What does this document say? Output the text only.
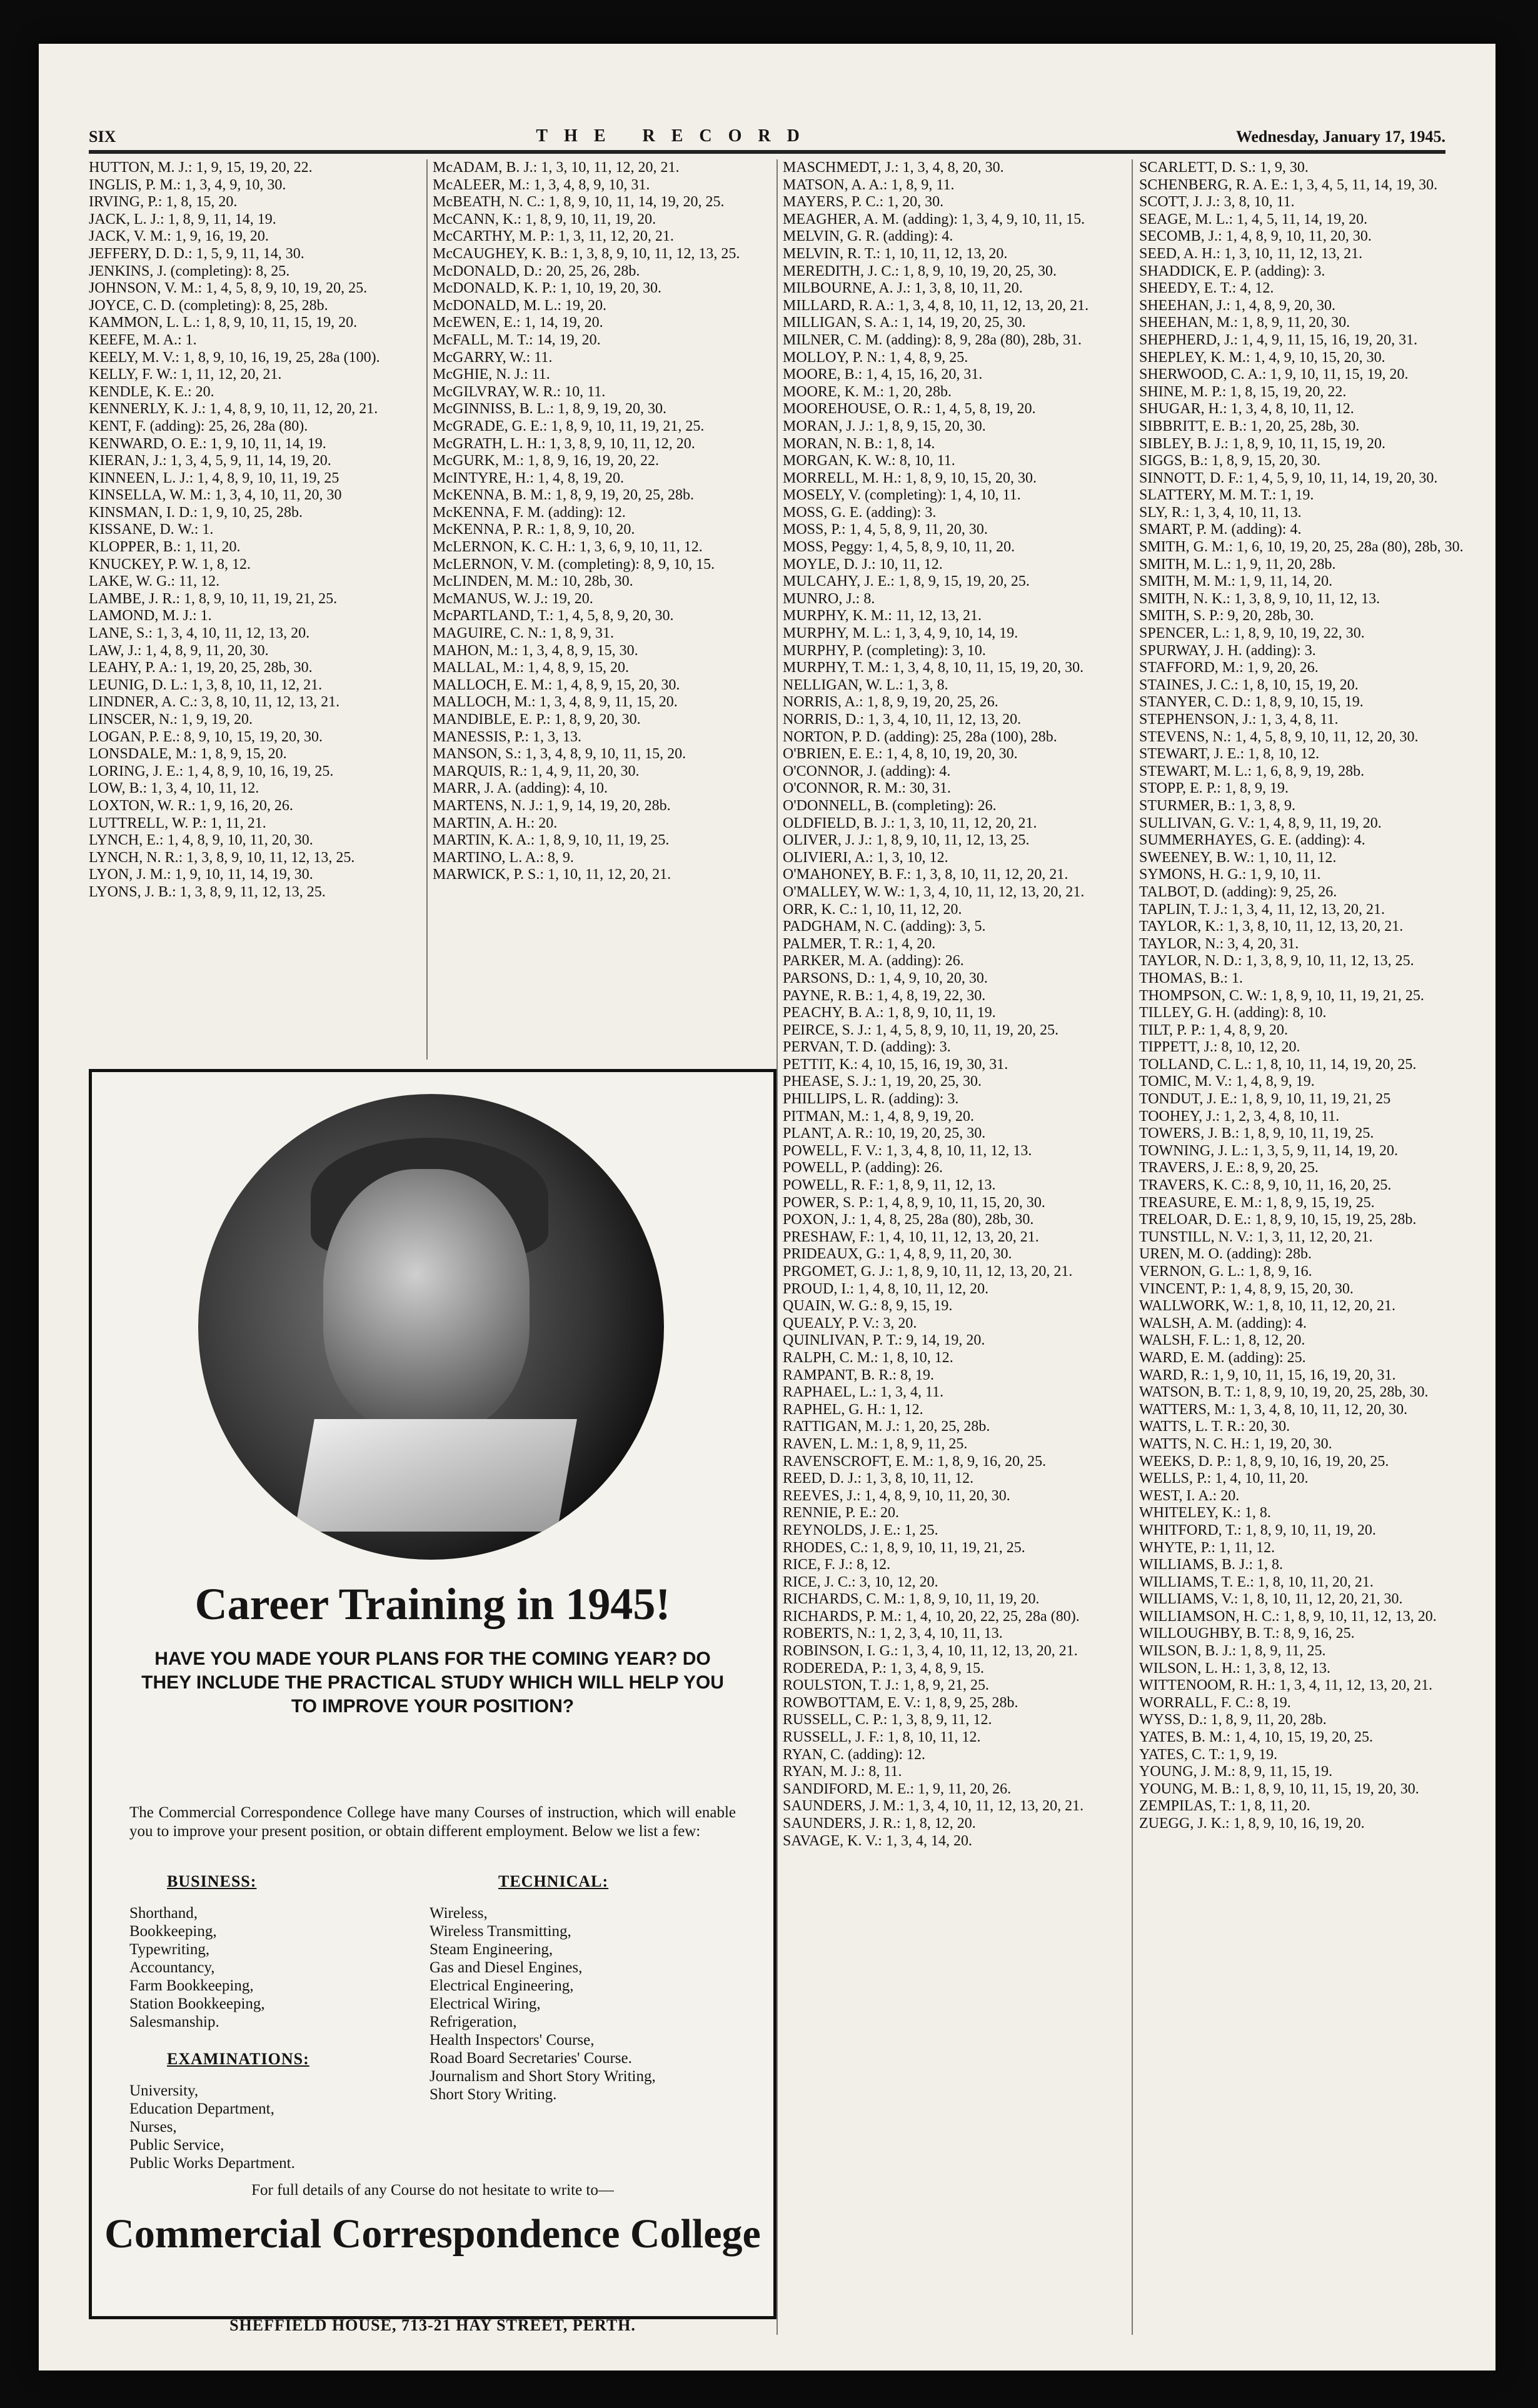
SIX	THE RECORD	Wednesday, January 17, 1945.

HUTTON, M. J.: 1, 9, 15, 19, 20, 22.

INGLIS, P. M.: 1, 3, 4, 9, 10, 30.

IRVING, P.: 1, 8, 15, 20.

JACK, L. J.: 1, 8, 9, 11, 14, 19.

JACK, V. M.: 1, 9, 16, 19, 20.

JEFFERY, D. D.: 1, 5, 9, 11, 14, 30.

JENKINS, J. (completing): 8, 25.

JOHNSON, V. M.: 1, 4, 5, 8, 9, 10, 19, 20, 25.

JOYCE, C. D. (completing): 8, 25, 28b.

KAMMON, L. L.: 1, 8, 9, 10, 11, 15, 19, 20.

KEEFE, M. A.: 1.

KEELY, M. V.: 1, 8, 9, 10, 16, 19, 25, 28a (100).

KELLY, F. W.: 1, 11, 12, 20, 21.

KENDLE, K. E.: 20.

KENNERLY, K. J.: 1, 4, 8, 9, 10, 11, 12, 20, 21.

KENT, F. (adding): 25, 26, 28a (80).

KENWARD, O. E.: 1, 9, 10, 11, 14, 19.

KIERAN, J.: 1, 3, 4, 5, 9, 11, 14, 19, 20.

KINNEEN, L. J.: 1, 4, 8, 9, 10, 11, 19, 25

KINSELLA, W. M.: 1, 3, 4, 10, 11, 20, 30

KINSMAN, I. D.: 1, 9, 10, 25, 28b.

KISSANE, D. W.: 1.

KLOPPER, B.: 1, 11, 20.

KNUCKEY, P. W. 1, 8, 12.

LAKE, W. G.: 11, 12.

LAMBE, J. R.: 1, 8, 9, 10, 11, 19, 21, 25.

LAMOND, M. J.: 1.

LANE, S.: 1, 3, 4, 10, 11, 12, 13, 20.

LAW, J.: 1, 4, 8, 9, 11, 20, 30.

LEAHY, P. A.: 1, 19, 20, 25, 28b, 30.

LEUNIG, D. L.: 1, 3, 8, 10, 11, 12, 21.

LINDNER, A. C.: 3, 8, 10, 11, 12, 13, 21.

LINSCER, N.: 1, 9, 19, 20.

LOGAN, P. E.: 8, 9, 10, 15, 19, 20, 30.

LONSDALE, M.: 1, 8, 9, 15, 20.

LORING, J. E.: 1, 4, 8, 9, 10, 16, 19, 25.

LOW, B.: 1, 3, 4, 10, 11, 12.

LOXTON, W. R.: 1, 9, 16, 20, 26.

LUTTRELL, W. P.: 1, 11, 21.

LYNCH, E.: 1, 4, 8, 9, 10, 11, 20, 30.

LYNCH, N. R.: 1, 3, 8, 9, 10, 11, 12, 13, 25.

LYON, J. M.: 1, 9, 10, 11, 14, 19, 30.

LYONS, J. B.: 1, 3, 8, 9, 11, 12, 13, 25.

McADAM, B. J.: 1, 3, 10, 11, 12, 20, 21.

McALEER, M.: 1, 3, 4, 8, 9, 10, 31.

McBEATH, N. C.: 1, 8, 9, 10, 11, 14, 19, 20, 25.

McCANN, K.: 1, 8, 9, 10, 11, 19, 20.

McCARTHY, M. P.: 1, 3, 11, 12, 20, 21.

McCAUGHEY, K. B.: 1, 3, 8, 9, 10, 11, 12, 13, 25.

McDONALD, D.: 20, 25, 26, 28b.

McDONALD, K. P.: 1, 10, 19, 20, 30.

McDONALD, M. L.: 19, 20.

McEWEN, E.: 1, 14, 19, 20.

McFALL, M. T.: 14, 19, 20.

McGARRY, W.: 11.

McGHIE, N. J.: 11.

McGILVRAY, W. R.: 10, 11.

McGINNISS, B. L.: 1, 8, 9, 19, 20, 30.

McGRADE, G. E.: 1, 8, 9, 10, 11, 19, 21, 25.

McGRATH, L. H.: 1, 3, 8, 9, 10, 11, 12, 20.

McGURK, M.: 1, 8, 9, 16, 19, 20, 22.

McINTYRE, H.: 1, 4, 8, 19, 20.

McKENNA, B. M.: 1, 8, 9, 19, 20, 25, 28b.

McKENNA, F. M. (adding): 12.

McKENNA, P. R.: 1, 8, 9, 10, 20.

McLERNON, K. C. H.: 1, 3, 6, 9, 10, 11, 12.

McLERNON, V. M. (completing): 8, 9, 10, 15.

McLINDEN, M. M.: 10, 28b, 30.

McMANUS, W. J.: 19, 20.

McPARTLAND, T.: 1, 4, 5, 8, 9, 20, 30.

MAGUIRE, C. N.: 1, 8, 9, 31.

MAHON, M.: 1, 3, 4, 8, 9, 15, 30.

MALLAL, M.: 1, 4, 8, 9, 15, 20.

MALLOCH, E. M.: 1, 4, 8, 9, 15, 20, 30.

MALLOCH, M.: 1, 3, 4, 8, 9, 11, 15, 20.

MANDIBLE, E. P.: 1, 8, 9, 20, 30.

MANESSIS, P.: 1, 3, 13.

MANSON, S.: 1, 3, 4, 8, 9, 10, 11, 15, 20.

MARQUIS, R.: 1, 4, 9, 11, 20, 30.

MARR, J. A. (adding): 4, 10.

MARTENS, N. J.: 1, 9, 14, 19, 20, 28b.

MARTIN, A. H.: 20.

MARTIN, K. A.: 1, 8, 9, 10, 11, 19, 25.

MARTINO, L. A.: 8, 9.

MARWICK, P. S.: 1, 10, 11, 12, 20, 21.

MASCHMEDT, J.: 1, 3, 4, 8, 20, 30.

MATSON, A. A.: 1, 8, 9, 11.

MAYERS, P. C.: 1, 20, 30.

MEAGHER, A. M. (adding): 1, 3, 4, 9, 10, 11, 15.

MELVIN, G. R. (adding): 4.

MELVIN, R. T.: 1, 10, 11, 12, 13, 20.

MEREDITH, J. C.: 1, 8, 9, 10, 19, 20, 25, 30.

MILBOURNE, A. J.: 1, 3, 8, 10, 11, 20.

MILLARD, R. A.: 1, 3, 4, 8, 10, 11, 12, 13, 20, 21.

MILLIGAN, S. A.: 1, 14, 19, 20, 25, 30.

MILNER, C. M. (adding): 8, 9, 28a (80), 28b, 31.

MOLLOY, P. N.: 1, 4, 8, 9, 25.

MOORE, B.: 1, 4, 15, 16, 20, 31.

MOORE, K. M.: 1, 20, 28b.

MOOREHOUSE, O. R.: 1, 4, 5, 8, 19, 20.

MORAN, J. J.: 1, 8, 9, 15, 20, 30.

MORAN, N. B.: 1, 8, 14.

MORGAN, K. W.: 8, 10, 11.

MORRELL, M. H.: 1, 8, 9, 10, 15, 20, 30.

MOSELY, V. (completing): 1, 4, 10, 11.

MOSS, G. E. (adding): 3.

MOSS, P.: 1, 4, 5, 8, 9, 11, 20, 30.

MOSS, Peggy: 1, 4, 5, 8, 9, 10, 11, 20.

MOYLE, D. J.: 10, 11, 12.

MULCAHY, J. E.: 1, 8, 9, 15, 19, 20, 25.

MUNRO, J.: 8.

MURPHY, K. M.: 11, 12, 13, 21.

MURPHY, M. L.: 1, 3, 4, 9, 10, 14, 19.

MURPHY, P. (completing): 3, 10.

MURPHY, T. M.: 1, 3, 4, 8, 10, 11, 15, 19, 20, 30.

NELLIGAN, W. L.: 1, 3, 8.

NORRIS, A.: 1, 8, 9, 19, 20, 25, 26.

NORRIS, D.: 1, 3, 4, 10, 11, 12, 13, 20.

NORTON, P. D. (adding): 25, 28a (100), 28b.

O'BRIEN, E. E.: 1, 4, 8, 10, 19, 20, 30.

O'CONNOR, J. (adding): 4.

O'CONNOR, R. M.: 30, 31.

O'DONNELL, B. (completing): 26.

OLDFIELD, B. J.: 1, 3, 10, 11, 12, 20, 21.

OLIVER, J. J.: 1, 8, 9, 10, 11, 12, 13, 25.

OLIVIERI, A.: 1, 3, 10, 12.

O'MAHONEY, B. F.: 1, 3, 8, 10, 11, 12, 20, 21.

O'MALLEY, W. W.: 1, 3, 4, 10, 11, 12, 13, 20, 21.

ORR, K. C.: 1, 10, 11, 12, 20.

PADGHAM, N. C. (adding): 3, 5.

PALMER, T. R.: 1, 4, 20.

PARKER, M. A. (adding): 26.

PARSONS, D.: 1, 4, 9, 10, 20, 30.

PAYNE, R. B.: 1, 4, 8, 19, 22, 30.

PEACHY, B. A.: 1, 8, 9, 10, 11, 19.

PEIRCE, S. J.: 1, 4, 5, 8, 9, 10, 11, 19, 20, 25.

PERVAN, T. D. (adding): 3.

PETTIT, K.: 4, 10, 15, 16, 19, 30, 31.

PHEASE, S. J.: 1, 19, 20, 25, 30.

PHILLIPS, L. R. (adding): 3.

PITMAN, M.: 1, 4, 8, 9, 19, 20.

PLANT, A. R.: 10, 19, 20, 25, 30.

POWELL, F. V.: 1, 3, 4, 8, 10, 11, 12, 13.

POWELL, P. (adding): 26.

POWELL, R. F.: 1, 8, 9, 11, 12, 13.

POWER, S. P.: 1, 4, 8, 9, 10, 11, 15, 20, 30.

POXON, J.: 1, 4, 8, 25, 28a (80), 28b, 30.

PRESHAW, F.: 1, 4, 10, 11, 12, 13, 20, 21.

PRIDEAUX, G.: 1, 4, 8, 9, 11, 20, 30.

PRGOMET, G. J.: 1, 8, 9, 10, 11, 12, 13, 20, 21.

PROUD, I.: 1, 4, 8, 10, 11, 12, 20.

QUAIN, W. G.: 8, 9, 15, 19.

QUEALY, P. V.: 3, 20.

QUINLIVAN, P. T.: 9, 14, 19, 20.

RALPH, C. M.: 1, 8, 10, 12.

RAMPANT, B. R.: 8, 19.

RAPHAEL, L.: 1, 3, 4, 11.

RAPHEL, G. H.: 1, 12.

RATTIGAN, M. J.: 1, 20, 25, 28b.

RAVEN, L. M.: 1, 8, 9, 11, 25.

RAVENSCROFT, E. M.: 1, 8, 9, 16, 20, 25.

REED, D. J.: 1, 3, 8, 10, 11, 12.

REEVES, J.: 1, 4, 8, 9, 10, 11, 20, 30.

RENNIE, P. E.: 20.

REYNOLDS, J. E.: 1, 25.

RHODES, C.: 1, 8, 9, 10, 11, 19, 21, 25.

RICE, F. J.: 8, 12.

RICE, J. C.: 3, 10, 12, 20.

RICHARDS, C. M.: 1, 8, 9, 10, 11, 19, 20.

RICHARDS, P. M.: 1, 4, 10, 20, 22, 25, 28a (80).

ROBERTS, N.: 1, 2, 3, 4, 10, 11, 13.

ROBINSON, I. G.: 1, 3, 4, 10, 11, 12, 13, 20, 21.

RODEREDA, P.: 1, 3, 4, 8, 9, 15.

ROULSTON, T. J.: 1, 8, 9, 21, 25.

ROWBOTTAM, E. V.: 1, 8, 9, 25, 28b.

RUSSELL, C. P.: 1, 3, 8, 9, 11, 12.

RUSSELL, J. F.: 1, 8, 10, 11, 12.

RYAN, C. (adding): 12.

RYAN, M. J.: 8, 11.

SANDIFORD, M. E.: 1, 9, 11, 20, 26.

SAUNDERS, J. M.: 1, 3, 4, 10, 11, 12, 13, 20, 21.

SAUNDERS, J. R.: 1, 8, 12, 20.

SAVAGE, K. V.: 1, 3, 4, 14, 20.

SCARLETT, D. S.: 1, 9, 30.

SCHENBERG, R. A. E.: 1, 3, 4, 5, 11, 14, 19, 30.

SCOTT, J. J.: 3, 8, 10, 11.

SEAGE, M. L.: 1, 4, 5, 11, 14, 19, 20.

SECOMB, J.: 1, 4, 8, 9, 10, 11, 20, 30.

SEED, A. H.: 1, 3, 10, 11, 12, 13, 21.

SHADDICK, E. P. (adding): 3.

SHEEDY, E. T.: 4, 12.

SHEEHAN, J.: 1, 4, 8, 9, 20, 30.

SHEEHAN, M.: 1, 8, 9, 11, 20, 30.

SHEPHERD, J.: 1, 4, 9, 11, 15, 16, 19, 20, 31.

SHEPLEY, K. M.: 1, 4, 9, 10, 15, 20, 30.

SHERWOOD, C. A.: 1, 9, 10, 11, 15, 19, 20.

SHINE, M. P.: 1, 8, 15, 19, 20, 22.

SHUGAR, H.: 1, 3, 4, 8, 10, 11, 12.

SIBBRITT, E. B.: 1, 20, 25, 28b, 30.

SIBLEY, B. J.: 1, 8, 9, 10, 11, 15, 19, 20.

SIGGS, B.: 1, 8, 9, 15, 20, 30.

SINNOTT, D. F.: 1, 4, 5, 9, 10, 11, 14, 19, 20, 30.

SLATTERY, M. M. T.: 1, 19.

SLY, R.: 1, 3, 4, 10, 11, 13.

SMART, P. M. (adding): 4.

SMITH, G. M.: 1, 6, 10, 19, 20, 25, 28a (80), 28b, 30.

SMITH, M. L.: 1, 9, 11, 20, 28b.

SMITH, M. M.: 1, 9, 11, 14, 20.

SMITH, N. K.: 1, 3, 8, 9, 10, 11, 12, 13.

SMITH, S. P.: 9, 20, 28b, 30.

SPENCER, L.: 1, 8, 9, 10, 19, 22, 30.

SPURWAY, J. H. (adding): 3.

STAFFORD, M.: 1, 9, 20, 26.

STAINES, J. C.: 1, 8, 10, 15, 19, 20.

STANYER, C. D.: 1, 8, 9, 10, 15, 19.

STEPHENSON, J.: 1, 3, 4, 8, 11.

STEVENS, N.: 1, 4, 5, 8, 9, 10, 11, 12, 20, 30.

STEWART, J. E.: 1, 8, 10, 12.

STEWART, M. L.: 1, 6, 8, 9, 19, 28b.

STOPP, E. P.: 1, 8, 9, 19.

STURMER, B.: 1, 3, 8, 9.

SULLIVAN, G. V.: 1, 4, 8, 9, 11, 19, 20.

SUMMERHAYES, G. E. (adding): 4.

SWEENEY, B. W.: 1, 10, 11, 12.

SYMONS, H. G.: 1, 9, 10, 11.

TALBOT, D. (adding): 9, 25, 26.

TAPLIN, T. J.: 1, 3, 4, 11, 12, 13, 20, 21.

TAYLOR, K.: 1, 3, 8, 10, 11, 12, 13, 20, 21.

TAYLOR, N.: 3, 4, 20, 31.

TAYLOR, N. D.: 1, 3, 8, 9, 10, 11, 12, 13, 25.

THOMAS, B.: 1.

THOMPSON, C. W.: 1, 8, 9, 10, 11, 19, 21, 25.

TILLEY, G. H. (adding): 8, 10.

TILT, P. P.: 1, 4, 8, 9, 20.

TIPPETT, J.: 8, 10, 12, 20.

TOLLAND, C. L.: 1, 8, 10, 11, 14, 19, 20, 25.

TOMIC, M. V.: 1, 4, 8, 9, 19.

TONDUT, J. E.: 1, 8, 9, 10, 11, 19, 21, 25

TOOHEY, J.: 1, 2, 3, 4, 8, 10, 11.

TOWERS, J. B.: 1, 8, 9, 10, 11, 19, 25.

TOWNING, J. L.: 1, 3, 5, 9, 11, 14, 19, 20.

TRAVERS, J. E.: 8, 9, 20, 25.

TRAVERS, K. C.: 8, 9, 10, 11, 16, 20, 25.

TREASURE, E. M.: 1, 8, 9, 15, 19, 25.

TRELOAR, D. E.: 1, 8, 9, 10, 15, 19, 25, 28b.

TUNSTILL, N. V.: 1, 3, 11, 12, 20, 21.

UREN, M. O. (adding): 28b.

VERNON, G. L.: 1, 8, 9, 16.

VINCENT, P.: 1, 4, 8, 9, 15, 20, 30.

WALLWORK, W.: 1, 8, 10, 11, 12, 20, 21.

WALSH, A. M. (adding): 4.

WALSH, F. L.: 1, 8, 12, 20.

WARD, E. M. (adding): 25.

WARD, R.: 1, 9, 10, 11, 15, 16, 19, 20, 31.

WATSON, B. T.: 1, 8, 9, 10, 19, 20, 25, 28b, 30.

WATTERS, M.: 1, 3, 4, 8, 10, 11, 12, 20, 30.

WATTS, L. T. R.: 20, 30.

WATTS, N. C. H.: 1, 19, 20, 30.

WEEKS, D. P.: 1, 8, 9, 10, 16, 19, 20, 25.

WELLS, P.: 1, 4, 10, 11, 20.

WEST, I. A.: 20.

WHITELEY, K.: 1, 8.

WHITFORD, T.: 1, 8, 9, 10, 11, 19, 20.

WHYTE, P.: 1, 11, 12.

WILLIAMS, B. J.: 1, 8.

WILLIAMS, T. E.: 1, 8, 10, 11, 20, 21.

WILLIAMS, V.: 1, 8, 10, 11, 12, 20, 21, 30.

WILLIAMSON, H. C.: 1, 8, 9, 10, 11, 12, 13, 20.

WILLOUGHBY, B. T.: 8, 9, 16, 25.

WILSON, B. J.: 1, 8, 9, 11, 25.

WILSON, L. H.: 1, 3, 8, 12, 13.

WITTENOOM, R. H.: 1, 3, 4, 11, 12, 13, 20, 21.

WORRALL, F. C.: 8, 19.

WYSS, D.: 1, 8, 9, 11, 20, 28b.

YATES, B. M.: 1, 4, 10, 15, 19, 20, 25.

YATES, C. T.: 1, 9, 19.

YOUNG, J. M.: 8, 9, 11, 15, 19.

YOUNG, M. B.: 1, 8, 9, 10, 11, 15, 19, 20, 30.

ZEMPILAS, T.: 1, 8, 11, 20.

ZUEGG, J. K.: 1, 8, 9, 10, 16, 19, 20.

Career Training in 1945!
HAVE YOU MADE YOUR PLANS FOR THE COMING YEAR? DO THEY INCLUDE THE PRACTICAL STUDY WHICH WILL HELP YOU TO IMPROVE YOUR POSITION?
The Commercial Correspondence College have many Courses of instruction, which will enable you to improve your present position, or obtain different employment. Below we list a few:
BUSINESS:
Shorthand,
Bookkeeping,
Typewriting,
Accountancy,
Farm Bookkeeping,
Station Bookkeeping,
Salesmanship.
EXAMINATIONS:
University,
Education Department,
Nurses,
Public Service,
Public Works Department.
TECHNICAL:
Wireless,
Wireless Transmitting,
Steam Engineering,
Gas and Diesel Engines,
Electrical Engineering,
Electrical Wiring,
Refrigeration,
Health Inspectors' Course,
Road Board Secretaries' Course.
Journalism and Short Story Writing,
Short Story Writing.
For full details of any Course do not hesitate to write to—
Commercial Correspondence College
SHEFFIELD HOUSE, 713-21 HAY STREET, PERTH.
